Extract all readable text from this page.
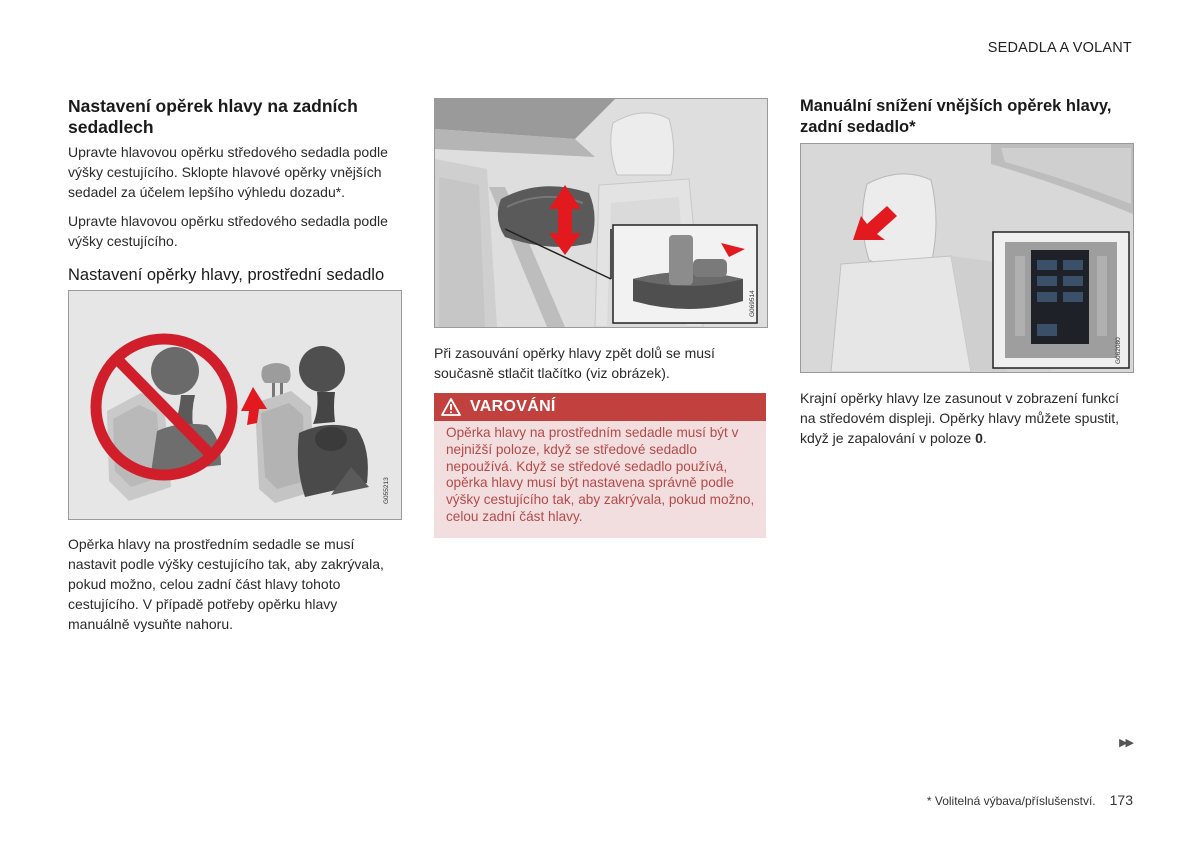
SEDADLA A VOLANT
Nastavení opěrek hlavy na zadních sedadlech

Upravte hlavovou opěrku středového sedadla podle výšky cestujícího. Sklopte hlavové opěrky vnějších sedadel za účelem lepšího výhledu dozadu*.

Upravte hlavovou opěrku středového sedadla podle výšky cestujícího.

Nastavení opěrky hlavy, prostřední sedadlo
G055213

Opěrka hlavy na prostředním sedadle se musí nastavit podle výšky cestujícího tak, aby zakrývala, pokud možno, celou zadní část hlavy tohoto cestujícího. V případě potřeby opěrku hlavy manuálně vysuňte nahoru.

G069514

Při zasouvání opěrky hlavy zpět dolů se musí současně stlačit tlačítko (viz obrázek).

VAROVÁNÍ
Opěrka hlavy na prostředním sedadle musí být v nejnižší poloze, když se středové sedadlo nepoužívá. Když se středové sedadlo používá, opěrka hlavy musí být nastavena správně podle výšky cestujícího tak, aby zakrývala, pokud možno, celou zadní část hlavy.
Manuální snížení vnějších opěrek hlavy, zadní sedadlo*
G062080

Krajní opěrky hlavy lze zasunout v zobrazení funkcí na středovém displeji. Opěrky hlavy můžete spustit, když je zapalování v poloze 0.

▶▶
* Volitelná výbava/příslušenství. 173
